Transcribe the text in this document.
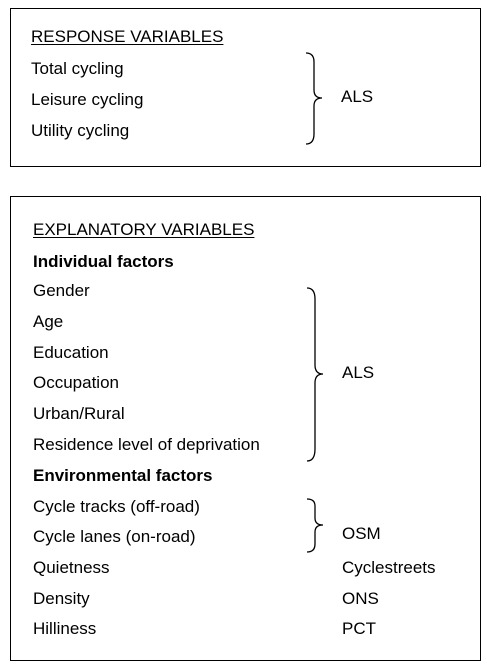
RESPONSE VARIABLES
Total cycling
Leisure cycling
Utility cycling
ALS
EXPLANATORY VARIABLES
Individual factors
Gender
Age
Education
Occupation
Urban/Rural
Residence level of deprivation
ALS
Environmental factors
Cycle tracks (off-road)
Cycle lanes (on-road)	OSM
Quietness	Cyclestreets
Density	ONS
Hilliness	PCT
